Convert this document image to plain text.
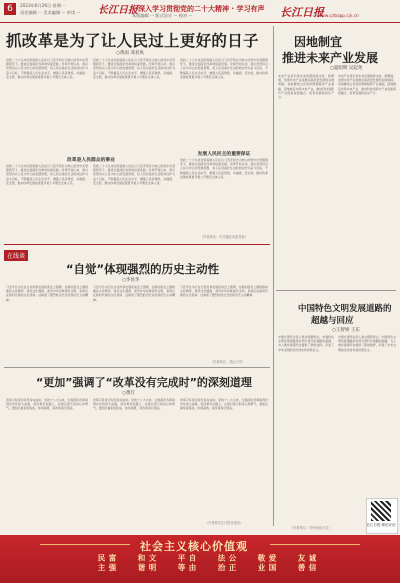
6	2023年6月26日 星期一
责任编辑 ··· 美术编辑 ··· 审读 ··· 长江日报 深入学习贯彻党的二十大精神 · 学习有声
本版编辑 ··· 版式设计 ··· 校对 ···	长江日报
www.cjrbapp.cjn.cn
抓改革是为了让人民过上更好的日子
○黄雨 邓君风
党的二十大以来全国各族人民在以习近平同志为核心的党中央坚强领导下，推进全面深化改革向纵深发展。改革开放以来，我们党坚持以人民为中心的发展思想，将人民对美好生活的向往作为奋斗目标，不断提高人民生活水平，增强人民获得感、幸福感、安全感，推动改革发展成果更多更公平惠及全体人民。
党的二十大以来全国各族人民在以习近平同志为核心的党中央坚强领导下，推进全面深化改革向纵深发展。改革开放以来，我们党坚持以人民为中心的发展思想，将人民对美好生活的向往作为奋斗目标，不断提高人民生活水平，增强人民获得感、幸福感、安全感，推动改革发展成果更多更公平惠及全体人民。
党的二十大以来全国各族人民在以习近平同志为核心的党中央坚强领导下，推进全面深化改革向纵深发展。改革开放以来，我们党坚持以人民为中心的发展思想，将人民对美好生活的向往作为奋斗目标，不断提高人民生活水平，增强人民获得感、幸福感、安全感，推动改革发展成果更多更公平惠及全体人民。
发展人民民主的重要保证
党的二十大以来全国各族人民在以习近平同志为核心的党中央坚强领导下，推进全面深化改革向纵深发展。改革开放以来，我们党坚持以人民为中心的发展思想，将人民对美好生活的向往作为奋斗目标，不断提高人民生活水平，增强人民获得感、幸福感、安全感，推动改革发展成果更多更公平惠及全体人民。
改革是人民群众的事业
党的二十大以来全国各族人民在以习近平同志为核心的党中央坚强领导下，推进全面深化改革向纵深发展。改革开放以来，我们党坚持以人民为中心的发展思想，将人民对美好生活的向往作为奋斗目标，不断提高人民生活水平，增强人民获得感、幸福感、安全感，推动改革发展成果更多更公平惠及全体人民。
党的二十大以来全国各族人民在以习近平同志为核心的党中央坚强领导下，推进全面深化改革向纵深发展。改革开放以来，我们党坚持以人民为中心的发展思想，将人民对美好生活的向往作为奋斗目标，不断提高人民生活水平，增强人民获得感、幸福感、安全感，推动改革发展成果更多更公平惠及全体人民。
（作者单位：中共湖北省委党校）
因地制宜
推进未来产业发展
○夏绍明 吴起尧
未来产业是引领未来发展的新支柱、新赛道，发展未来产业是推动高质量发展的关键举措。各地要结合自身资源禀赋和产业基础，因地制宜布局未来产业，推动科技创新与产业创新深度融合，培育发展新质生产力。
未来产业是引领未来发展的新支柱、新赛道，发展未来产业是推动高质量发展的关键举措。各地要结合自身资源禀赋和产业基础，因地制宜布局未来产业，推动科技创新与产业创新深度融合，培育发展新质生产力。
在线谈
“自觉”体现强烈的历史主动性
○李昆华
习近平总书记在文化传承发展座谈会上强调，在新的起点上继续推动文化繁荣、建设文化强国、建设中华民族现代文明，是我们在新时代新的文化使命。这体现了强烈的历史自觉和历史主动精神。
习近平总书记在文化传承发展座谈会上强调，在新的起点上继续推动文化繁荣、建设文化强国、建设中华民族现代文明，是我们在新时代新的文化使命。这体现了强烈的历史自觉和历史主动精神。
习近平总书记在文化传承发展座谈会上强调，在新的起点上继续推动文化繁荣、建设文化强国、建设中华民族现代文明，是我们在新时代新的文化使命。这体现了强烈的历史自觉和历史主动精神。
（作者单位：武汉大学）
“更加”强调了“改革没有完成时”的深刻道理
○黄玎
改革只有进行时没有完成时。党的十八大以来，全面深化改革取得历史性伟大成就，但改革仍在路上，必须以更大的决心和勇气，更加注重系统集成、协同高效，将改革进行到底。
改革只有进行时没有完成时。党的十八大以来，全面深化改革取得历史性伟大成就，但改革仍在路上，必须以更大的决心和勇气，更加注重系统集成、协同高效，将改革进行到底。
改革只有进行时没有完成时。党的十八大以来，全面深化改革取得历史性伟大成就，但改革仍在路上，必须以更大的决心和勇气，更加注重系统集成、协同高效，将改革进行到底。
（作者系长江日报评论员）
中国特色文明发展道路的
超越与回应
○王智妍 王东
中国式现代化是人类文明新形态，中国特色文明发展道路是对西方现代化道路的超越，为人类实现现代化提供了新的选择，彰显了中华文明的突出特性和世界意义。
中国式现代化是人类文明新形态，中国特色文明发展道路是对西方现代化道路的超越，为人类实现现代化提供了新的选择，彰显了中华文明的突出特性和世界意义。
（作者单位：华中师范大学）
长江日报·理论评论
社会主义核心价值观
富强 民主	文明 和谐	自由 平等	公正 法治	爱国 敬业	诚信 友善
